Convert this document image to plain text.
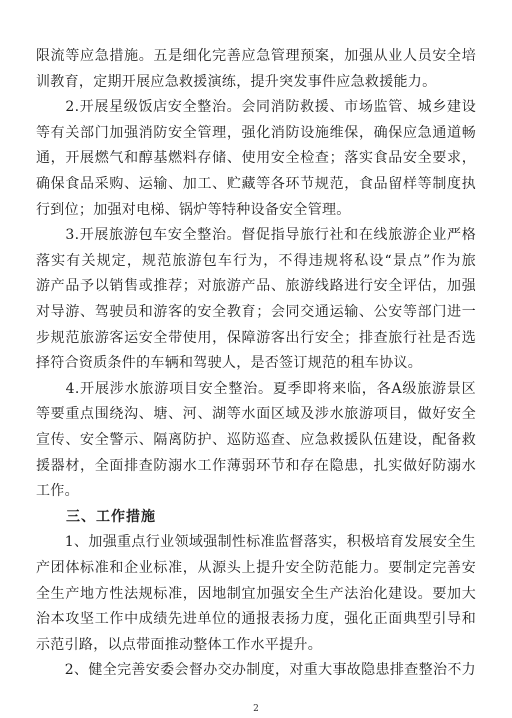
限流等应急措施。五是细化完善应急管理预案，加强从业人员安全培
训教育，定期开展应急救援演练，提升突发事件应急救援能力。
　　2.开展星级饭店安全整治。会同消防救援、市场监管、城乡建设
等有关部门加强消防安全管理，强化消防设施维保，确保应急通道畅
通，开展燃气和醇基燃料存储、使用安全检查；落实食品安全要求，
确保食品采购、运输、加工、贮藏等各环节规范，食品留样等制度执
行到位；加强对电梯、锅炉等特种设备安全管理。
　　3.开展旅游包车安全整治。督促指导旅行社和在线旅游企业严格
落实有关规定，规范旅游包车行为，不得违规将私设“景点”作为旅
游产品予以销售或推荐；对旅游产品、旅游线路进行安全评估，加强
对导游、驾驶员和游客的安全教育；会同交通运输、公安等部门进一
步规范旅游客运安全带使用，保障游客出行安全；排查旅行社是否选
择符合资质条件的车辆和驾驶人，是否签订规范的租车协议。
　　4.开展涉水旅游项目安全整治。夏季即将来临，各A级旅游景区
等要重点围绕沟、塘、河、湖等水面区域及涉水旅游项目，做好安全
宣传、安全警示、隔离防护、巡防巡查、应急救援队伍建设，配备救
援器材，全面排查防溺水工作薄弱环节和存在隐患，扎实做好防溺水
工作。
　　三、工作措施
　　1、加强重点行业领域强制性标准监督落实，积极培育发展安全生
产团体标准和企业标准，从源头上提升安全防范能力。要制定完善安
全生产地方性法规标准，因地制宜加强安全生产法治化建设。要加大
治本攻坚工作中成绩先进单位的通报表扬力度，强化正面典型引导和
示范引路，以点带面推动整体工作水平提升。
　　2、健全完善安委会督办交办制度，对重大事故隐患排查整治不力
2
